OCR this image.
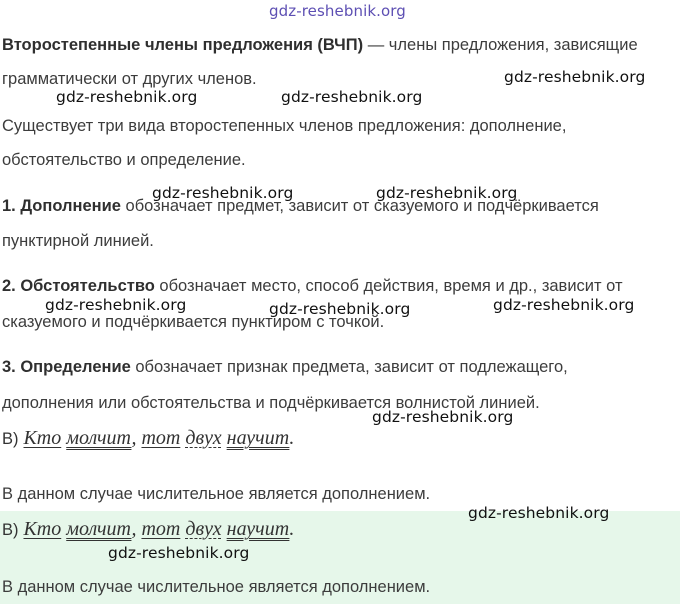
gdz-reshebnik.org
gdz-reshebnik.org
gdz-reshebnik.org	gdz-reshebnik.org
gdz-reshebnik.org	gdz-reshebnik.org
gdz-reshebnik.org	gdz-reshebnik.org	gdz-reshebnik.org
gdz-reshebnik.org
gdz-reshebnik.org
gdz-reshebnik.org
Второстепенные члены предложения (ВЧП) — члены предложения, зависящие
грамматически от других членов.
Существует три вида второстепенных членов предложения: дополнение,
обстоятельство и определение.
1. Дополнение обозначает предмет, зависит от сказуемого и подчёркивается
пунктирной линией.
2. Обстоятельство обозначает место, способ действия, время и др., зависит от
сказуемого и подчёркивается пунктиром с точкой.
3. Определение обозначает признак предмета, зависит от подлежащего,
дополнения или обстоятельства и подчёркивается волнистой линией.
В) Кто молчит, тот двух научит.
В данном случае числительное является дополнением.
В) Кто молчит, тот двух научит.
В данном случае числительное является дополнением.
